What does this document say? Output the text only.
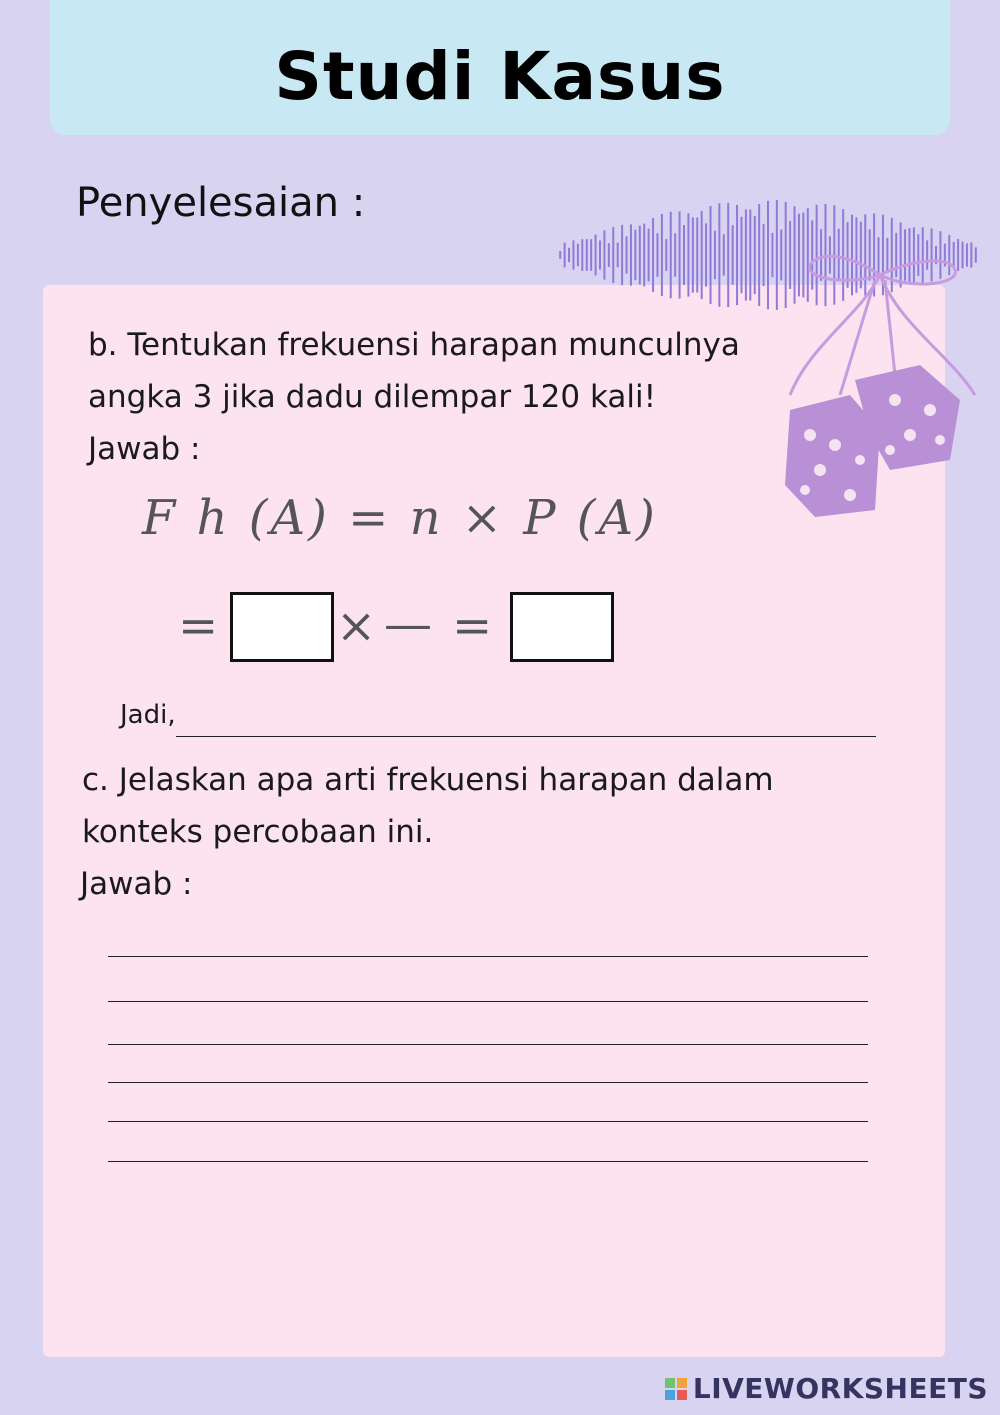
Studi Kasus
Penyelesaian :
b. Tentukan frekuensi harapan munculnya
angka 3 jika dadu dilempar 120 kali!
Jawab :
F h (A) = n × P (A)
= × — =
Jadi,
c. Jelaskan apa arti frekuensi harapan dalam
konteks percobaan ini.
Jawab :
LIVEWORKSHEETS
